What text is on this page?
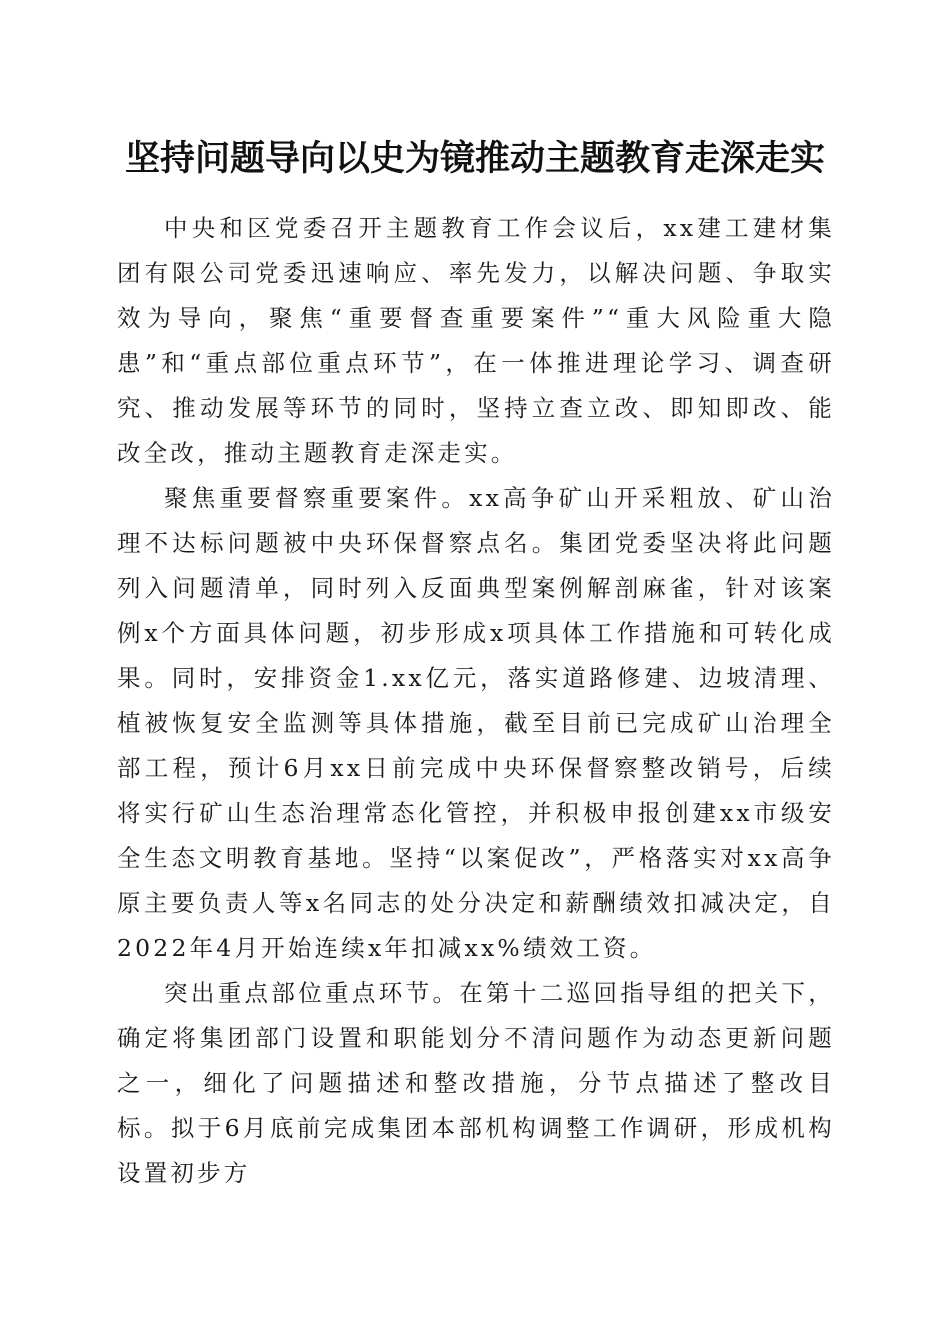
坚持问题导向以史为镜推动主题教育走深走实

中央和区党委召开主题教育工作会议后，xx建工建材集团有限公司党委迅速响应、率先发力，以解决问题、争取实效为导向，聚焦“重要督查重要案件”“重大风险重大隐患”和“重点部位重点环节”，在一体推进理论学习、调查研究、推动发展等环节的同时，坚持立查立改、即知即改、能改全改，推动主题教育走深走实。

聚焦重要督察重要案件。xx高争矿山开采粗放、矿山治理不达标问题被中央环保督察点名。集团党委坚决将此问题列入问题清单，同时列入反面典型案例解剖麻雀，针对该案例x个方面具体问题，初步形成x项具体工作措施和可转化成果。同时，安排资金1.xx亿元，落实道路修建、边坡清理、植被恢复安全监测等具体措施，截至目前已完成矿山治理全部工程，预计6月xx日前完成中央环保督察整改销号，后续将实行矿山生态治理常态化管控，并积极申报创建xx市级安全生态文明教育基地。坚持“以案促改”，严格落实对xx高争原主要负责人等x名同志的处分决定和薪酬绩效扣减决定，自2022年4月开始连续x年扣减xx%绩效工资。

突出重点部位重点环节。在第十二巡回指导组的把关下，确定将集团部门设置和职能划分不清问题作为动态更新问题之一，细化了问题描述和整改措施，分节点描述了整改目标。拟于6月底前完成集团本部机构调整工作调研，形成机构设置初步方
